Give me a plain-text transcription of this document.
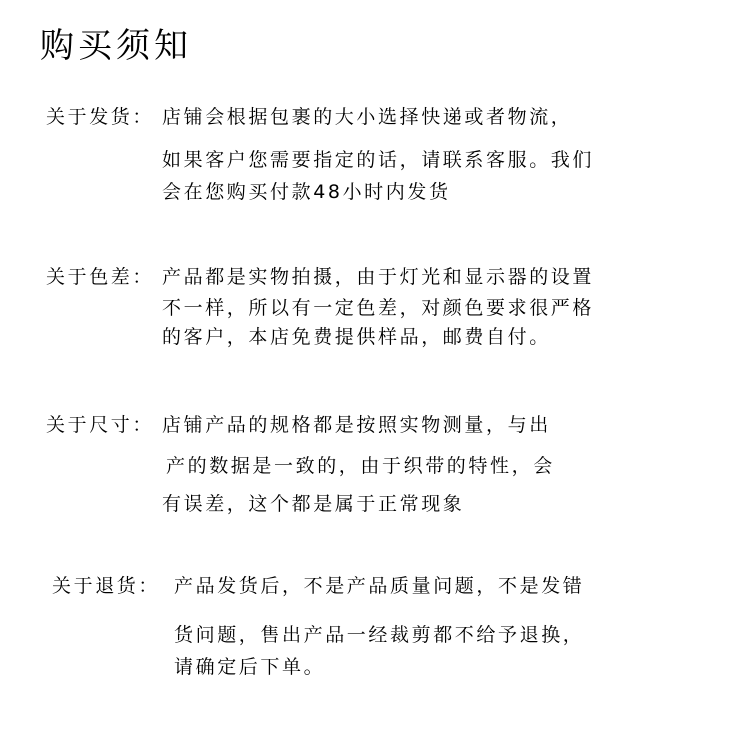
购买须知
关于发货： 店铺会根据包裹的大小选择快递或者物流，
如果客户您需要指定的话，请联系客服。我们
会在您购买付款48小时内发货
关于色差： 产品都是实物拍摄，由于灯光和显示器的设置
不一样，所以有一定色差，对颜色要求很严格
的客户，本店免费提供样品，邮费自付。
关于尺寸： 店铺产品的规格都是按照实物测量，与出
产的数据是一致的，由于织带的特性，会
有误差，这个都是属于正常现象
关于退货： 产品发货后，不是产品质量问题，不是发错
货问题，售出产品一经裁剪都不给予退换，
请确定后下单。
